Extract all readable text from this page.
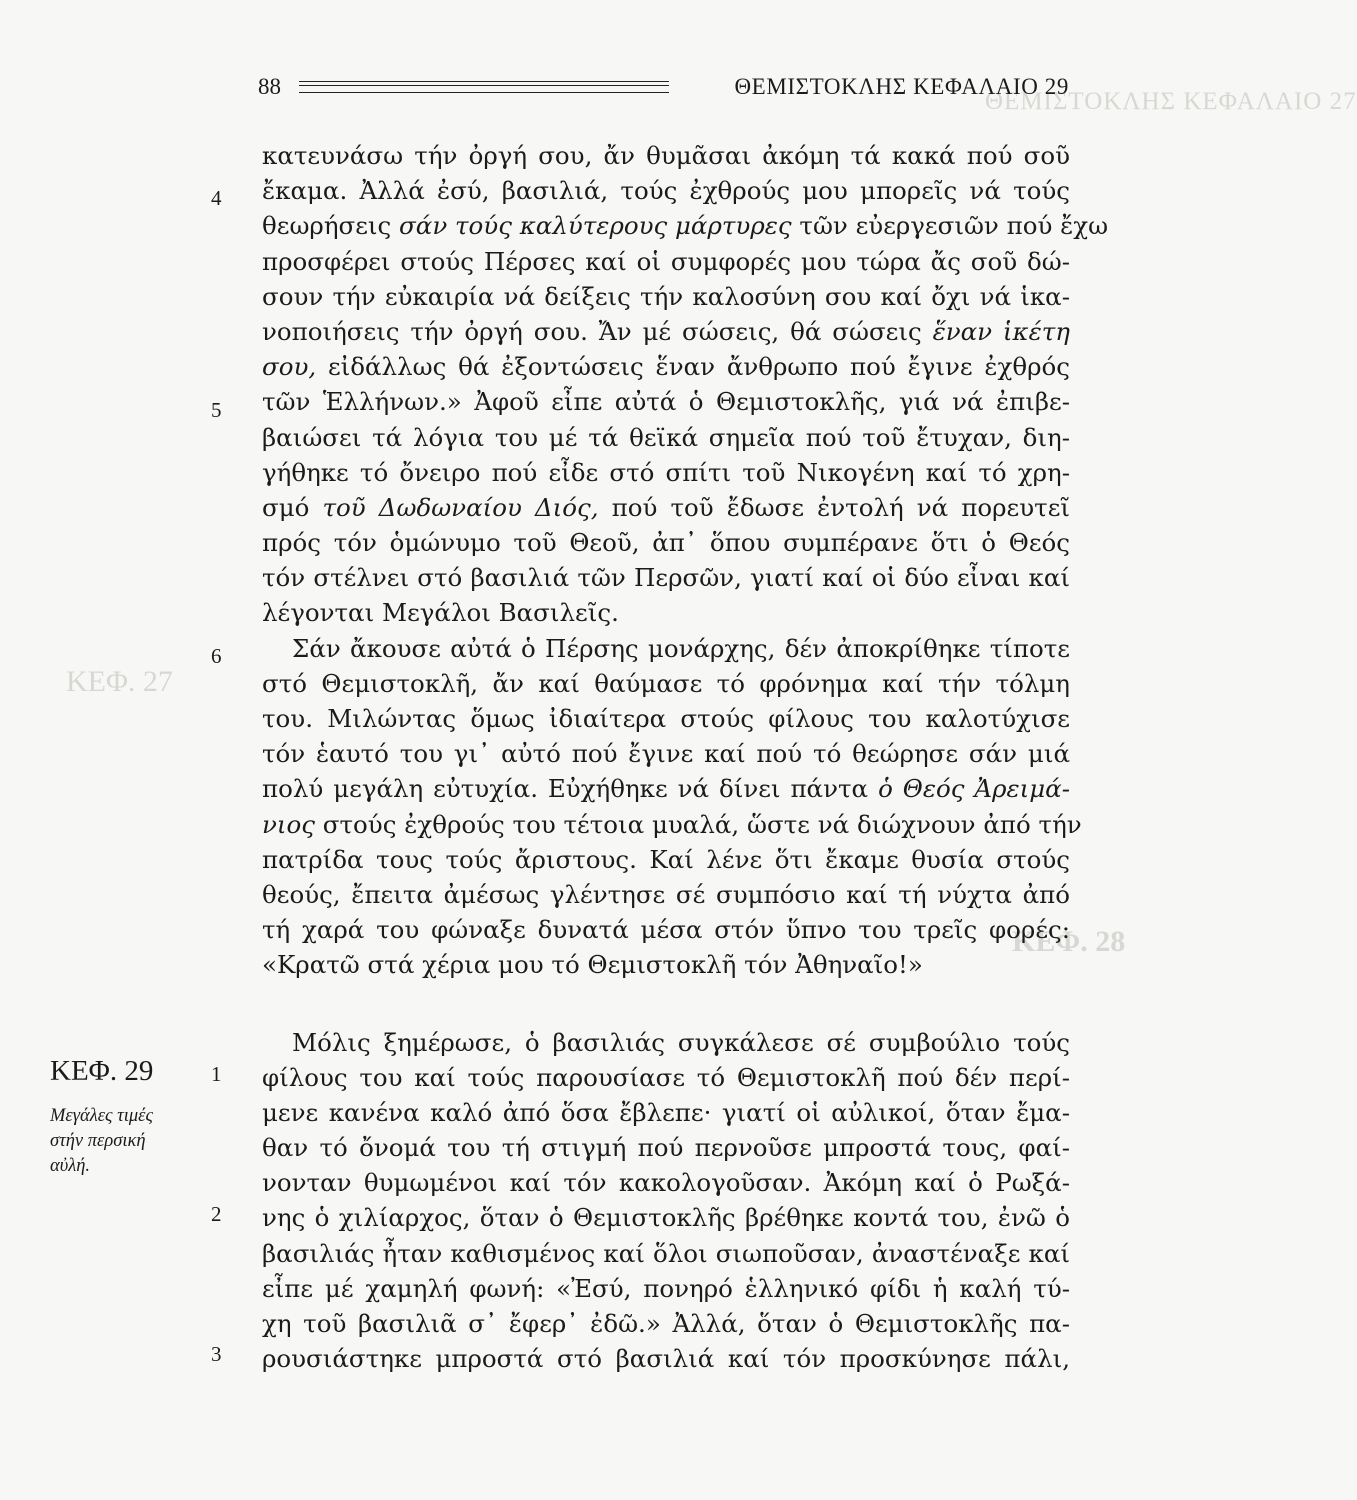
ΘΕΜΙΣΤΟΚΛΗΣ ΚΕΦΑΛΑΙΟ 27
ΚΕΦ. 27
ΚΕΦ. 28
88	ΘΕΜΙΣΤΟΚΛΗΣ ΚΕΦΑΛΑΙΟ 29
4
5
6
1
2
3
ΚΕΦ. 29
Μεγάλες τιμές
στήν περσική
αὐλή.
κατευνάσω τήν ὀργή σου, ἄν θυμᾶσαι ἀκόμη τά κακά πού σοῦ
ἔκαμα. Ἀλλά ἐσύ, βασιλιά, τούς ἐχθρούς μου μπορεῖς νά τούς
θεωρήσεις σάν τούς καλύτερους μάρτυρες τῶν εὐεργεσιῶν πού ἔχω
προσφέρει στούς Πέρσες καί οἱ συμφορές μου τώρα ἄς σοῦ δώ-
σουν τήν εὐκαιρία νά δείξεις τήν καλοσύνη σου καί ὄχι νά ἱκα-
νοποιήσεις τήν ὀργή σου. Ἄν μέ σώσεις, θά σώσεις ἕναν ἱκέτη
σου, εἰδάλλως θά ἐξοντώσεις ἕναν ἄνθρωπο πού ἔγινε ἐχθρός
τῶν Ἑλλήνων.» Ἀφοῦ εἶπε αὐτά ὁ Θεμιστοκλῆς, γιά νά ἐπιβε-
βαιώσει τά λόγια του μέ τά θεϊκά σημεῖα πού τοῦ ἔτυχαν, διη-
γήθηκε τό ὄνειρο πού εἶδε στό σπίτι τοῦ Νικογένη καί τό χρη-
σμό τοῦ Δωδωναίου Διός, πού τοῦ ἔδωσε ἐντολή νά πορευτεῖ
πρός τόν ὁμώνυμο τοῦ Θεοῦ, ἀπ᾽ ὅπου συμπέρανε ὅτι ὁ Θεός
τόν στέλνει στό βασιλιά τῶν Περσῶν, γιατί καί οἱ δύο εἶναι καί
λέγονται Μεγάλοι Βασιλεῖς.
Σάν ἄκουσε αὐτά ὁ Πέρσης μονάρχης, δέν ἀποκρίθηκε τίποτε
στό Θεμιστοκλῆ, ἄν καί θαύμασε τό φρόνημα καί τήν τόλμη
του. Μιλώντας ὅμως ἰδιαίτερα στούς φίλους του καλοτύχισε
τόν ἑαυτό του γι᾽ αὐτό πού ἔγινε καί πού τό θεώρησε σάν μιά
πολύ μεγάλη εὐτυχία. Εὐχήθηκε νά δίνει πάντα ὁ Θεός Ἀρειμά-
νιος στούς ἐχθρούς του τέτοια μυαλά, ὥστε νά διώχνουν ἀπό τήν
πατρίδα τους τούς ἄριστους. Καί λένε ὅτι ἔκαμε θυσία στούς
θεούς, ἔπειτα ἀμέσως γλέντησε σέ συμπόσιο καί τή νύχτα ἀπό
τή χαρά του φώναξε δυνατά μέσα στόν ὕπνο του τρεῖς φορές:
«Κρατῶ στά χέρια μου τό Θεμιστοκλῆ τόν Ἀθηναῖο!»
Μόλις ξημέρωσε, ὁ βασιλιάς συγκάλεσε σέ συμβούλιο τούς
φίλους του καί τούς παρουσίασε τό Θεμιστοκλῆ πού δέν περί-
μενε κανένα καλό ἀπό ὅσα ἔβλεπε· γιατί οἱ αὐλικοί, ὅταν ἔμα-
θαν τό ὄνομά του τή στιγμή πού περνοῦσε μπροστά τους, φαί-
νονταν θυμωμένοι καί τόν κακολογοῦσαν. Ἀκόμη καί ὁ Ρωξά-
νης ὁ χιλίαρχος, ὅταν ὁ Θεμιστοκλῆς βρέθηκε κοντά του, ἐνῶ ὁ
βασιλιάς ἦταν καθισμένος καί ὅλοι σιωποῦσαν, ἀναστέναξε καί
εἶπε μέ χαμηλή φωνή: «Ἐσύ, πονηρό ἑλληνικό φίδι ἡ καλή τύ-
χη τοῦ βασιλιᾶ σ᾽ ἔφερ᾽ ἐδῶ.» Ἀλλά, ὅταν ὁ Θεμιστοκλῆς πα-
ρουσιάστηκε μπροστά στό βασιλιά καί τόν προσκύνησε πάλι,
